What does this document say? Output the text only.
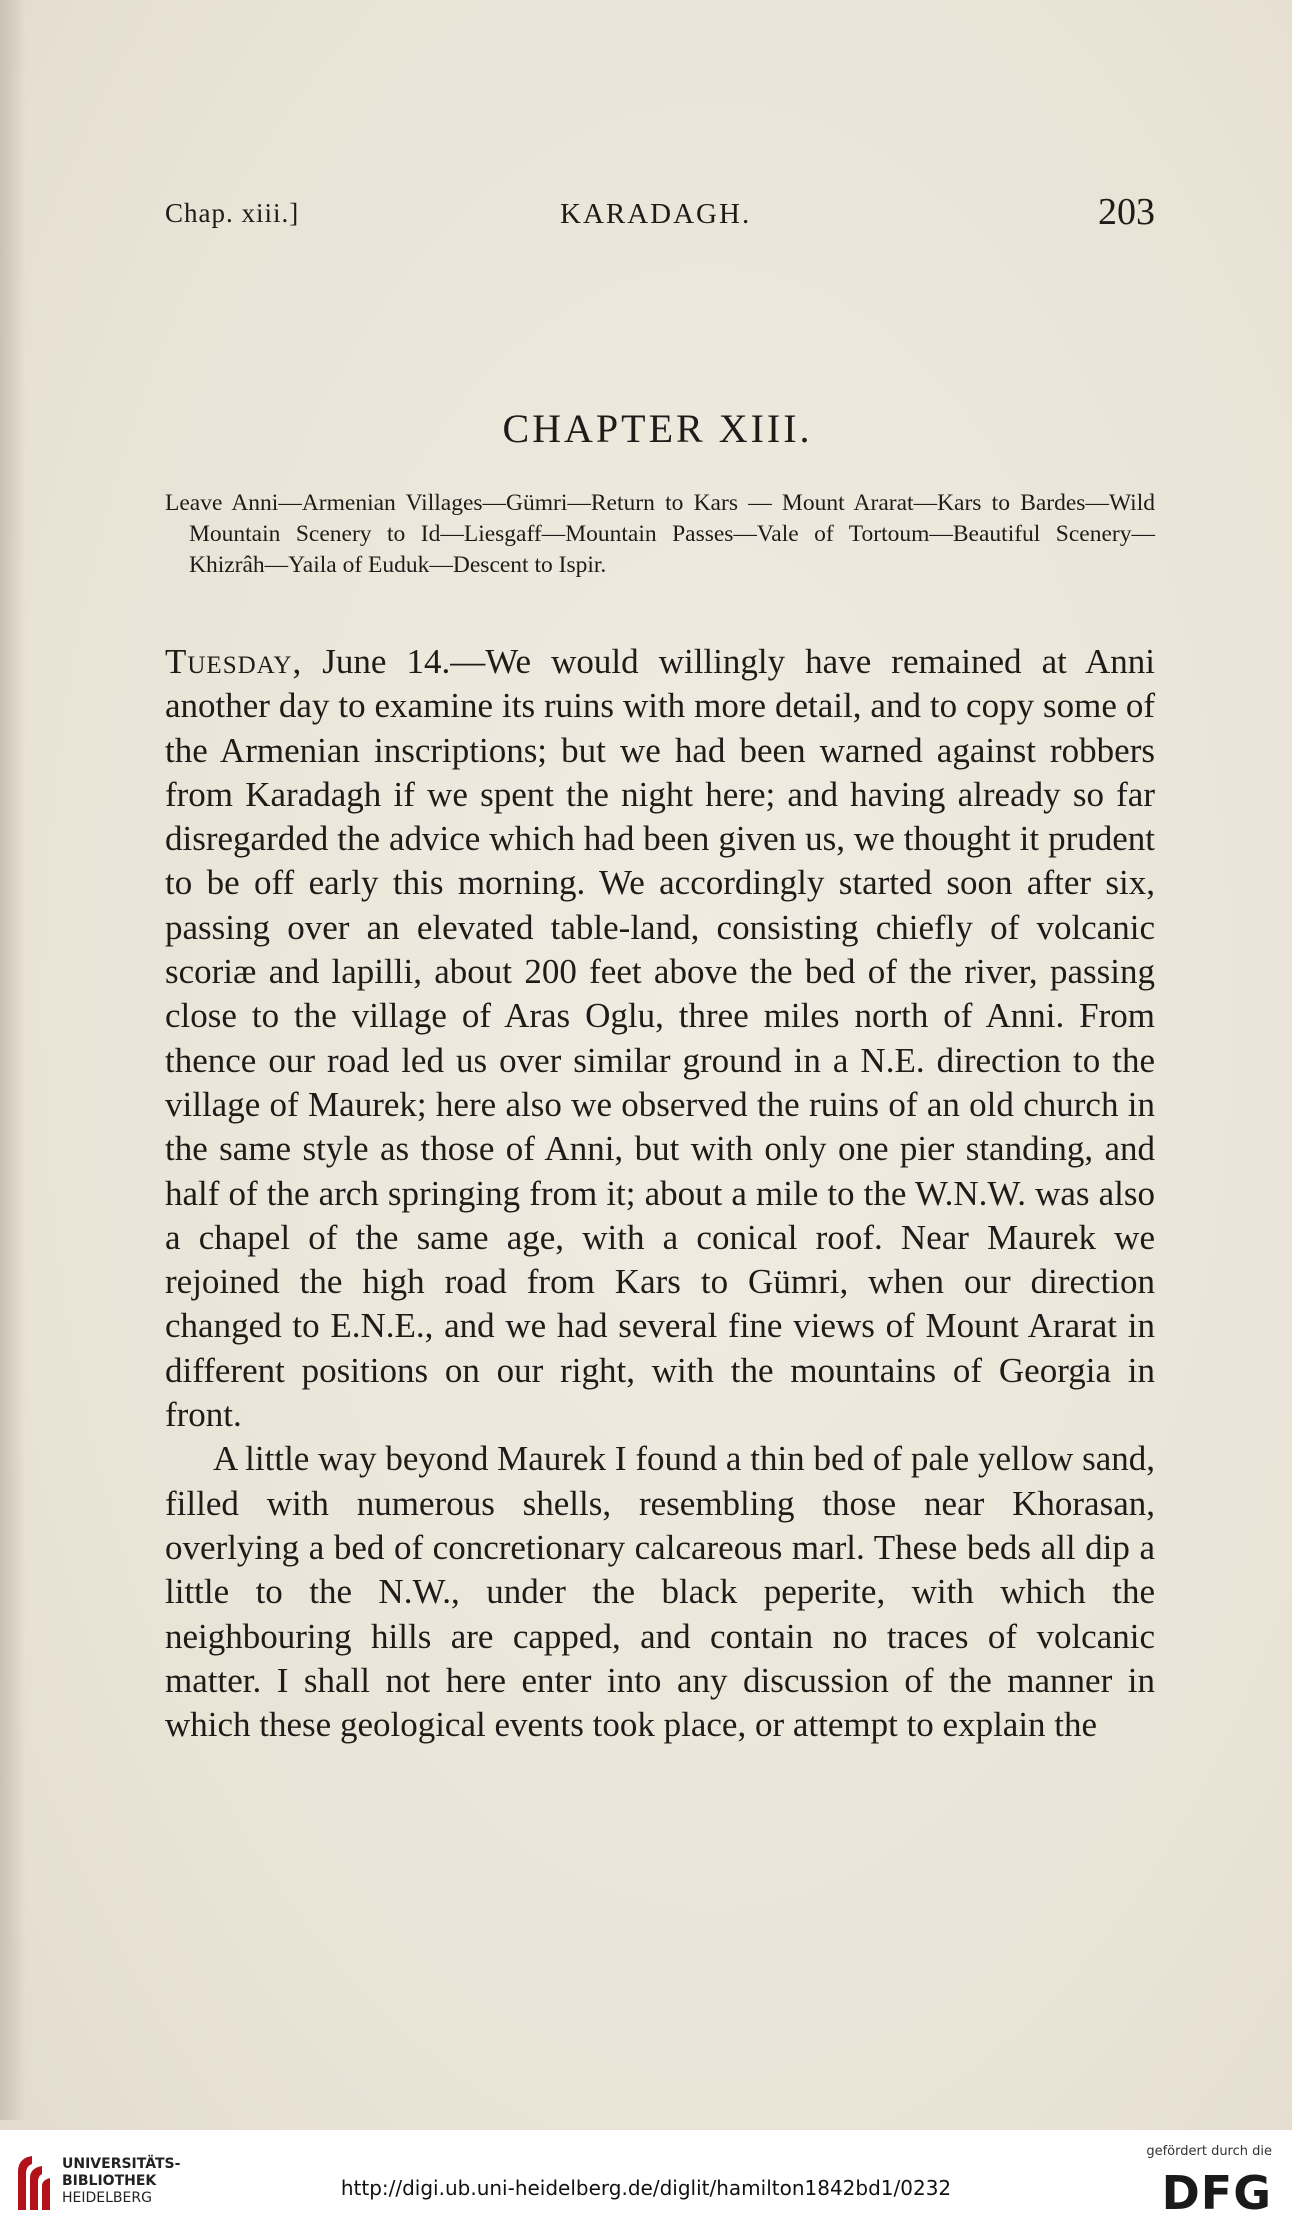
Chap. xiii.]	KARADAGH.	203
CHAPTER XIII.
Leave Anni—Armenian Villages—Gümri—Return to Kars — Mount Ararat—Kars to Bardes—Wild Mountain Scenery to Id—Liesgaff—Mountain Passes—Vale of Tortoum—Beautiful Scenery—Khizrâh—Yaila of Euduk—Descent to Ispir.

Tuesday, June 14.—We would willingly have remained at Anni another day to examine its ruins with more detail, and to copy some of the Armenian inscriptions; but we had been warned against robbers from Karadagh if we spent the night here; and having already so far disregarded the advice which had been given us, we thought it prudent to be off early this morning. We accordingly started soon after six, passing over an elevated table-land, consisting chiefly of volcanic scoriæ and lapilli, about 200 feet above the bed of the river, passing close to the village of Aras Oglu, three miles north of Anni. From thence our road led us over similar ground in a N.E. direction to the village of Maurek; here also we observed the ruins of an old church in the same style as those of Anni, but with only one pier standing, and half of the arch springing from it; about a mile to the W.N.W. was also a chapel of the same age, with a conical roof. Near Maurek we rejoined the high road from Kars to Gümri, when our direction changed to E.N.E., and we had several fine views of Mount Ararat in different positions on our right, with the mountains of Georgia in front.

A little way beyond Maurek I found a thin bed of pale yellow sand, filled with numerous shells, resembling those near Khorasan, overlying a bed of concretionary calcareous marl. These beds all dip a little to the N.W., under the black peperite, with which the neighbouring hills are capped, and contain no traces of volcanic matter. I shall not here enter into any discussion of the manner in which these geological events took place, or attempt to explain the

UNIVERSITÄTS-
BIBLIOTHEK
HEIDELBERG	http://digi.ub.uni-heidelberg.de/diglit/hamilton1842bd1/0232
gefördert durch die
DFG
